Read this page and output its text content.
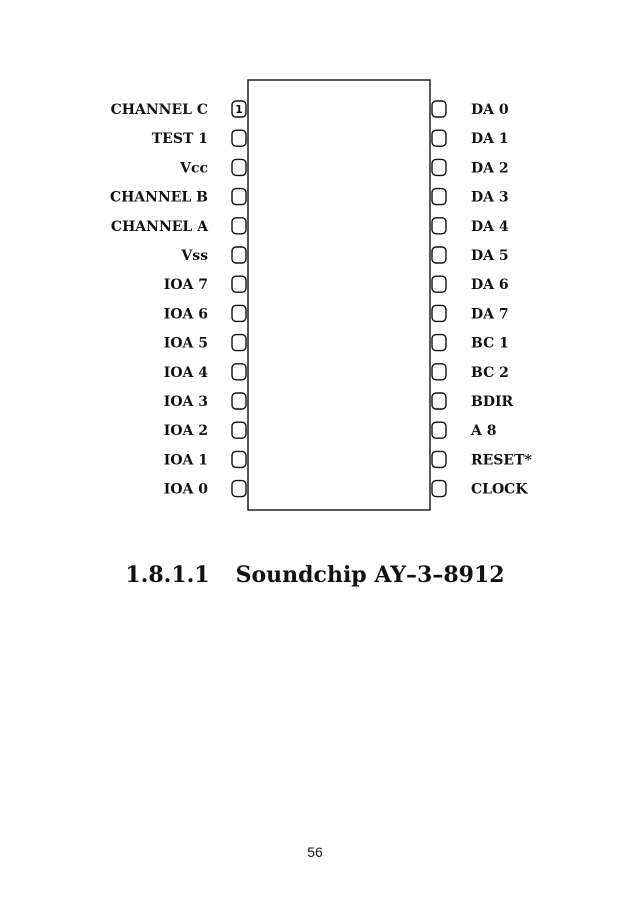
1
CHANNEL C
TEST 1
Vcc
CHANNEL B
CHANNEL A
Vss
IOA 7
IOA 6
IOA 5
IOA 4
IOA 3
IOA 2
IOA 1
IOA 0
DA 0
DA 1
DA 2
DA 3
DA 4
DA 5
DA 6
DA 7
BC 1
BC 2
BDIR
A 8
RESET*
CLOCK
1.8.1.1 Soundchip AY–3–8912
56
